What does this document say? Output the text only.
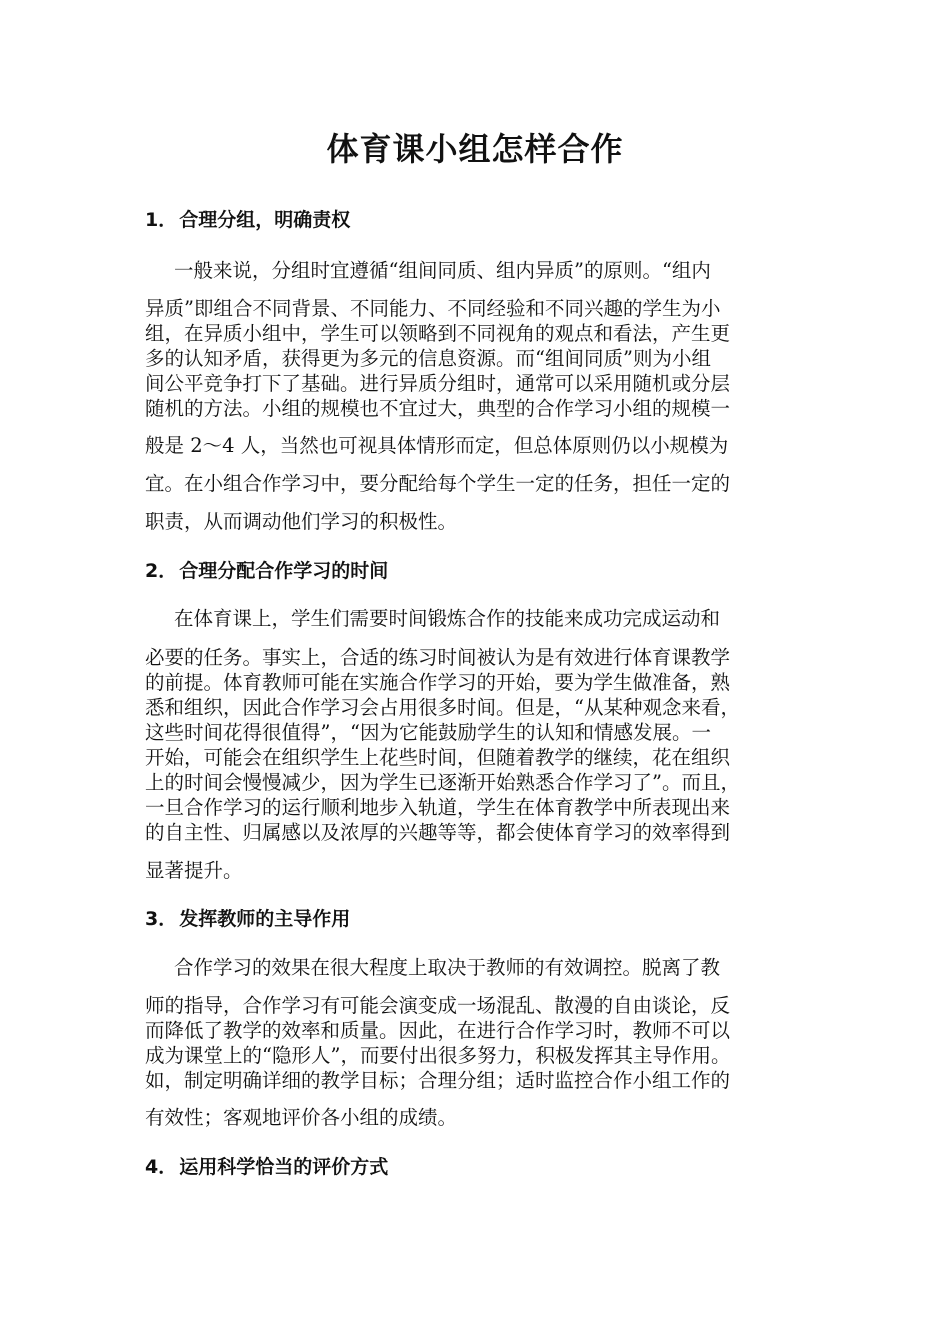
体育课小组怎样合作
1． 合理分组，明确责权
一般来说，分组时宜遵循“组间同质、组内异质”的原则。“组内
异质”即组合不同背景、不同能力、不同经验和不同兴趣的学生为小
组，在异质小组中，学生可以领略到不同视角的观点和看法，产生更
多的认知矛盾，获得更为多元的信息资源。而“组间同质”则为小组
间公平竞争打下了基础。进行异质分组时，通常可以采用随机或分层
随机的方法。小组的规模也不宜过大，典型的合作学习小组的规模一
般是 2～4 人，当然也可视具体情形而定，但总体原则仍以小规模为
宜。在小组合作学习中，要分配给每个学生一定的任务，担任一定的
职责，从而调动他们学习的积极性。
2． 合理分配合作学习的时间
在体育课上，学生们需要时间锻炼合作的技能来成功完成运动和
必要的任务。事实上，合适的练习时间被认为是有效进行体育课教学
的前提。体育教师可能在实施合作学习的开始，要为学生做准备，熟
悉和组织，因此合作学习会占用很多时间。但是，“从某种观念来看，
这些时间花得很值得”，“因为它能鼓励学生的认知和情感发展。一
开始，可能会在组织学生上花些时间，但随着教学的继续，花在组织
上的时间会慢慢减少，因为学生已逐渐开始熟悉合作学习了”。而且，
一旦合作学习的运行顺利地步入轨道，学生在体育教学中所表现出来
的自主性、归属感以及浓厚的兴趣等等，都会使体育学习的效率得到
显著提升。
3． 发挥教师的主导作用
合作学习的效果在很大程度上取决于教师的有效调控。脱离了教
师的指导，合作学习有可能会演变成一场混乱、散漫的自由谈论，反
而降低了教学的效率和质量。因此，在进行合作学习时，教师不可以
成为课堂上的“隐形人”，而要付出很多努力，积极发挥其主导作用。
如，制定明确详细的教学目标；合理分组；适时监控合作小组工作的
有效性；客观地评价各小组的成绩。
4． 运用科学恰当的评价方式
